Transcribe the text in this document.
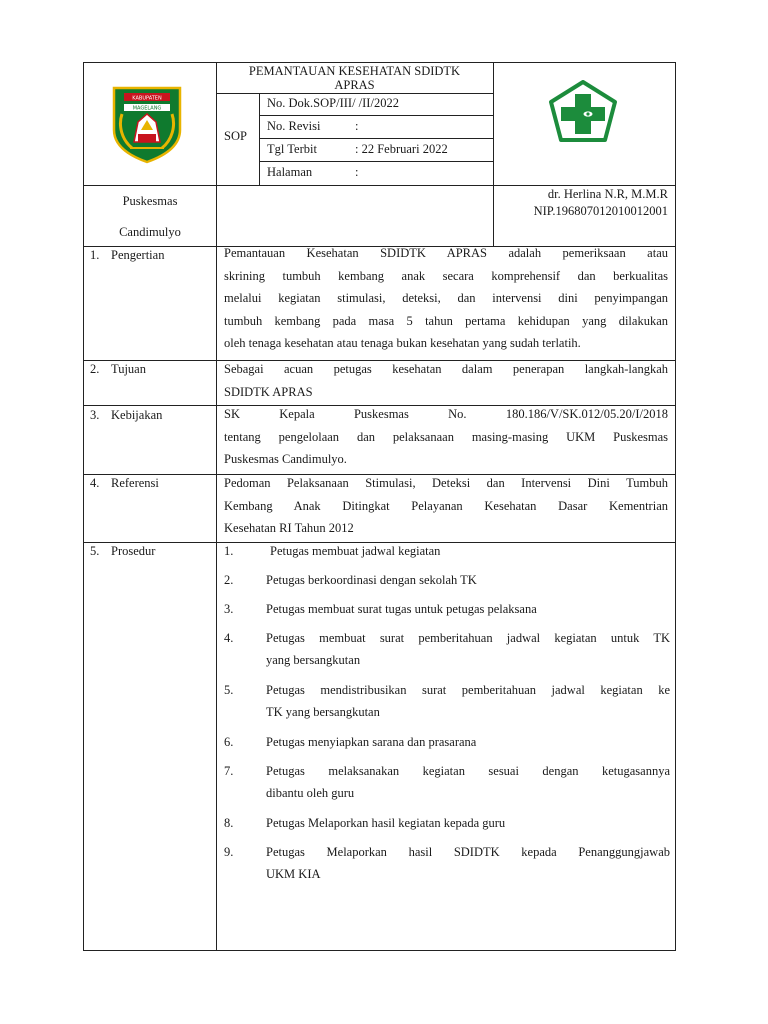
KABUPATEN
MAGELANG
PEMANTAUAN KESEHATAN SDIDTK
APRAS
SOP
No. Dok.SOP/III/ /II/2022
No. Revisi	:
Tgl Terbit	: 22 Februari 2022
Halaman	:
Puskesmas
Candimulyo
dr. Herlina N.R, M.M.R
NIP.196807012010012001
1. Pengertian	Pemantauan Kesehatan SDIDTK APRAS adalah pemeriksaan atau
skrining tumbuh kembang anak secara komprehensif dan berkualitas
melalui kegiatan stimulasi, deteksi, dan intervensi dini penyimpangan
tumbuh kembang pada masa 5 tahun pertama kehidupan yang dilakukan
oleh tenaga kesehatan atau tenaga bukan kesehatan yang sudah terlatih.
2. Tujuan	Sebagai acuan petugas kesehatan dalam penerapan langkah-langkah
SDIDTK APRAS
3. Kebijakan	SK Kepala Puskesmas No. 180.186/V/SK.012/05.20/I/2018
tentang pengelolaan dan pelaksanaan masing-masing UKM Puskesmas
Puskesmas Candimulyo.
4. Referensi	Pedoman Pelaksanaan Stimulasi, Deteksi dan Intervensi Dini Tumbuh
Kembang Anak Ditingkat Pelayanan Kesehatan Dasar Kementrian
Kesehatan RI Tahun 2012
5. Prosedur	1.	Petugas membuat jadwal kegiatan
2.	Petugas berkoordinasi dengan sekolah TK
3.	Petugas membuat surat tugas untuk petugas pelaksana
4.	Petugas membuat surat pemberitahuan jadwal kegiatan untuk TK
yang bersangkutan
5.	Petugas mendistribusikan surat pemberitahuan jadwal kegiatan ke
TK yang bersangkutan
6.	Petugas menyiapkan sarana dan prasarana
7.	Petugas melaksanakan kegiatan sesuai dengan ketugasannya
dibantu oleh guru
8.	Petugas Melaporkan hasil kegiatan kepada guru
9.	Petugas Melaporkan hasil SDIDTK kepada Penanggungjawab
UKM KIA
